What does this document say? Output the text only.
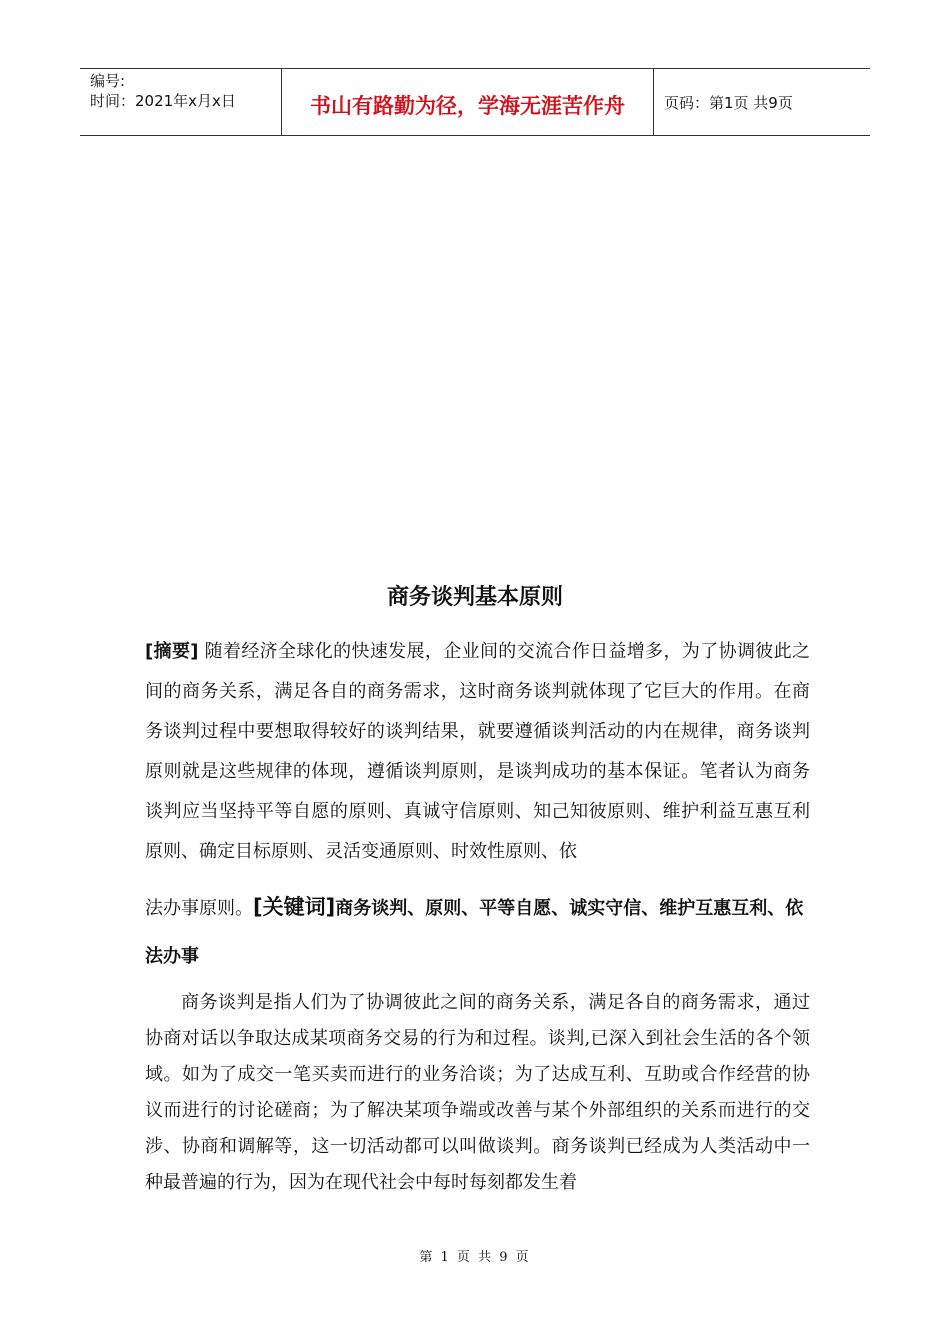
编号:
时间：2021年x月x日	书山有路勤为径，学海无涯苦作舟	页码：第1页 共9页
商务谈判基本原则
[摘要] 随着经济全球化的快速发展，企业间的交流合作日益增多，为了协调彼此之间的商务关系，满足各自的商务需求，这时商务谈判就体现了它巨大的作用。在商务谈判过程中要想取得较好的谈判结果，就要遵循谈判活动的内在规律，商务谈判原则就是这些规律的体现，遵循谈判原则，是谈判成功的基本保证。笔者认为商务谈判应当坚持平等自愿的原则、真诚守信原则、知己知彼原则、维护利益互惠互利原则、确定目标原则、灵活变通原则、时效性原则、依
法办事原则。[关键词]商务谈判、原则、平等自愿、诚实守信、维护互惠互利、依法办事
商务谈判是指人们为了协调彼此之间的商务关系，满足各自的商务需求，通过协商对话以争取达成某项商务交易的行为和过程。谈判,已深入到社会生活的各个领域。如为了成交一笔买卖而进行的业务洽谈；为了达成互利、互助或合作经营的协议而进行的讨论磋商；为了解决某项争端或改善与某个外部组织的关系而进行的交涉、协商和调解等，这一切活动都可以叫做谈判。商务谈判已经成为人类活动中一种最普遍的行为，因为在现代社会中每时每刻都发生着
第 1 页 共 9 页
